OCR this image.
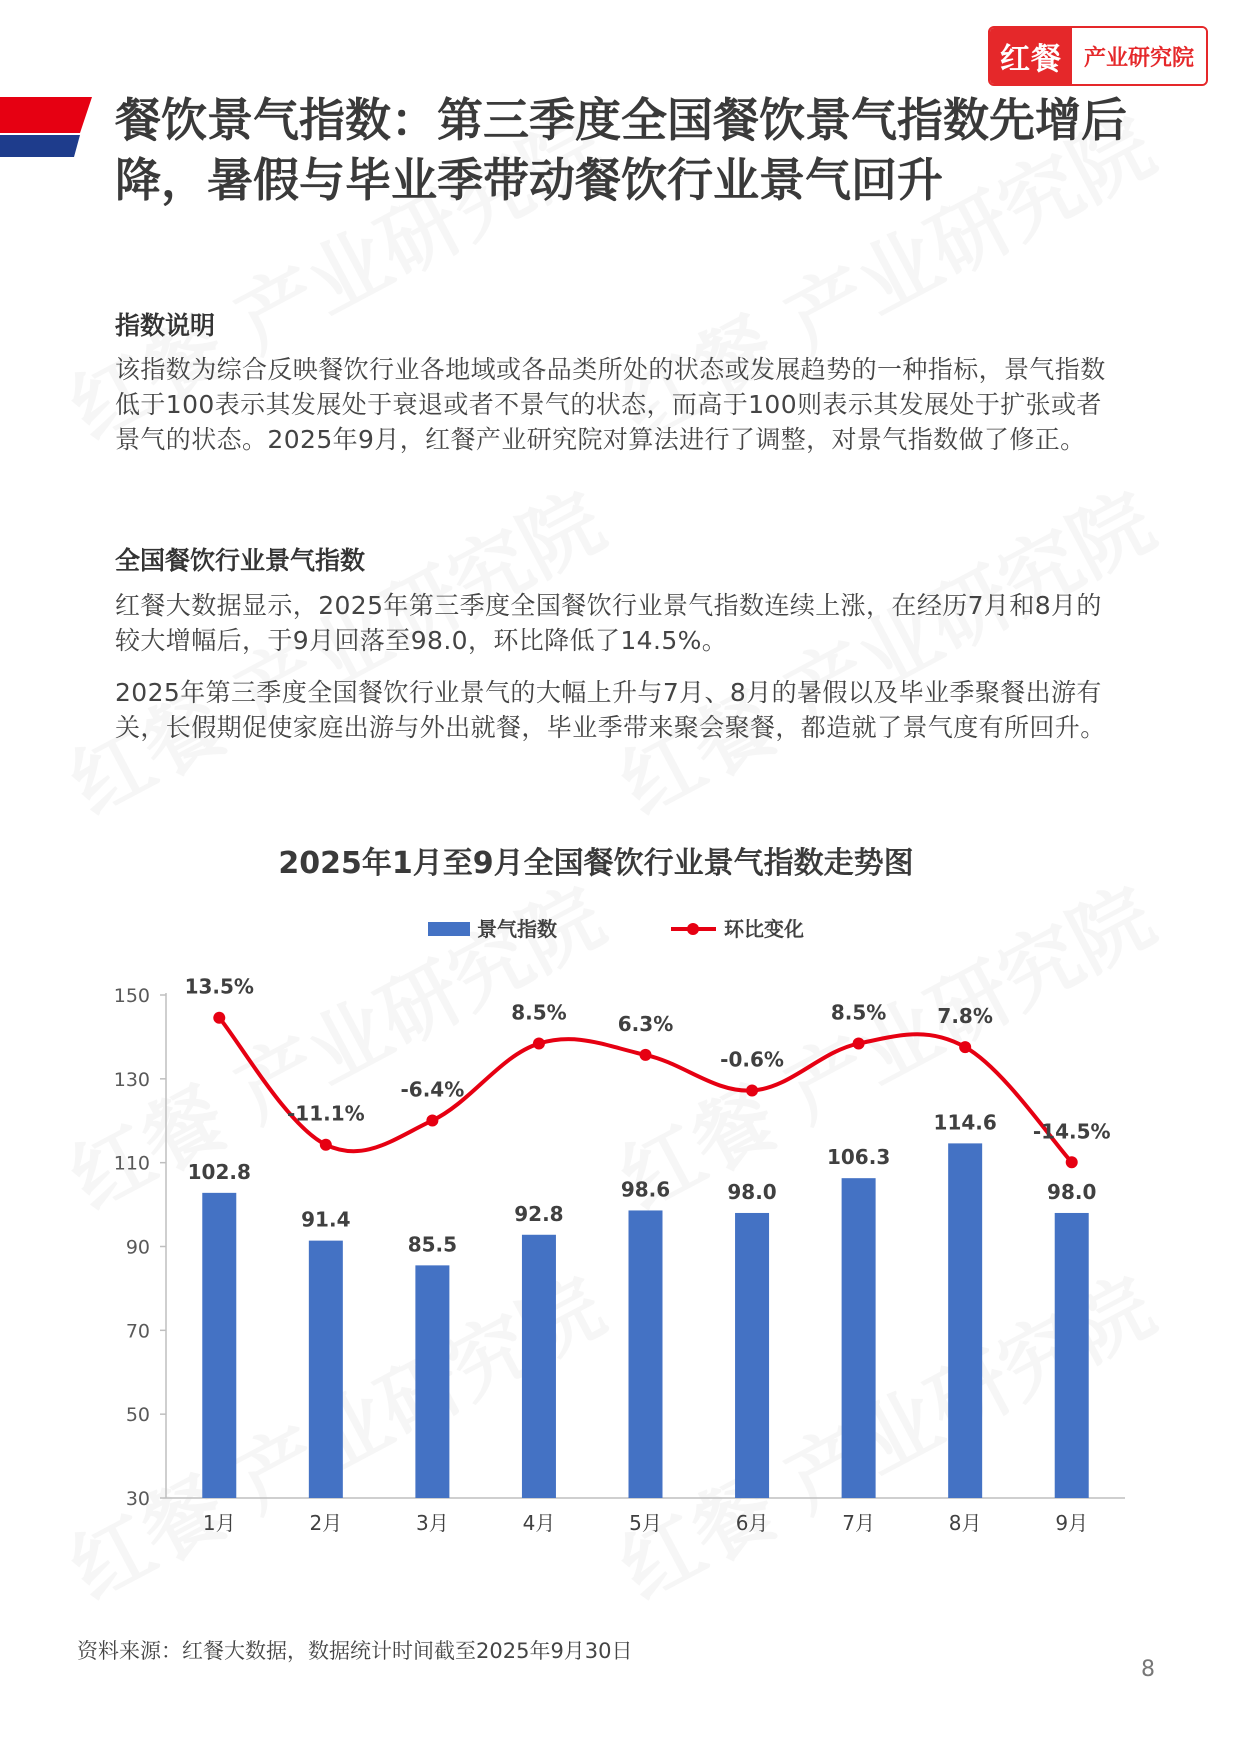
红餐	产业研究院
餐饮景气指数：第三季度全国餐饮景气指数先增后降，暑假与毕业季带动餐饮行业景气回升
指数说明

该指数为综合反映餐饮行业各地域或各品类所处的状态或发展趋势的一种指标，景气指数低于100表示其发展处于衰退或者不景气的状态，而高于100则表示其发展处于扩张或者景气的状态。2025年9月，红餐产业研究院对算法进行了调整，对景气指数做了修正。

全国餐饮行业景气指数

红餐大数据显示，2025年第三季度全国餐饮行业景气指数连续上涨，在经历7月和8月的较大增幅后，于9月回落至98.0，环比降低了14.5%。

2025年第三季度全国餐饮行业景气的大幅上升与7月、8月的暑假以及毕业季聚餐出游有关，长假期促使家庭出游与外出就餐，毕业季带来聚会聚餐，都造就了景气度有所回升。

2025年1月至9月全国餐饮行业景气指数走势图
景气指数	环比变化
150
130
110
90
70
50
30
1月	2月	3月	4月	5月	6月	7月	8月	9月
102.8
91.4
85.5
92.8
98.6	98.0
106.3
114.6
98.0
13.5%
-11.1%
-6.4%
8.5%	6.3%
-0.6%
8.5%	7.8%
-14.5%

资料来源：红餐大数据，数据统计时间截至2025年9月30日

8
